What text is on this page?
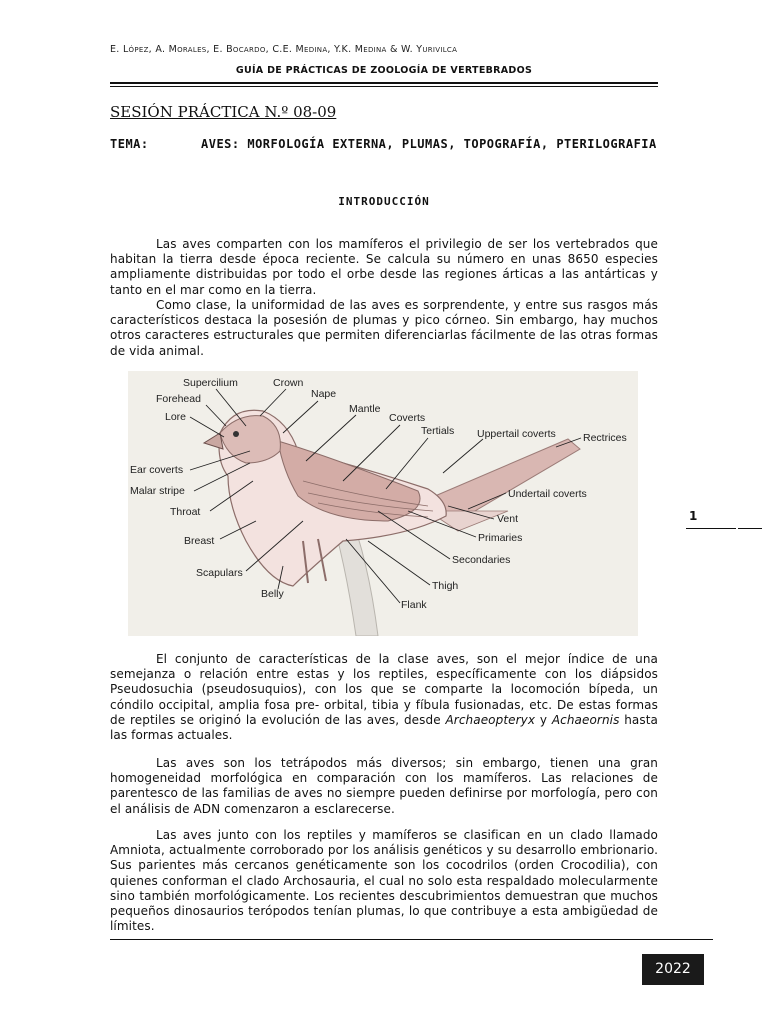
E. López, A. Morales, E. Bocardo, C.E. Medina, Y.K. Medina & W. Yurivilca
GUÍA DE PRÁCTICAS DE ZOOLOGÍA DE VERTEBRADOS
SESIÓN PRÁCTICA N.º 08-09
TEMA:	AVES: MORFOLOGÍA EXTERNA, PLUMAS, TOPOGRAFÍA, PTERILOGRAFIA
INTRODUCCIÓN

Las aves comparten con los mamíferos el privilegio de ser los vertebrados que habitan la tierra desde época reciente. Se calcula su número en unas 8650 especies ampliamente distribuidas por todo el orbe desde las regiones árticas a las antárticas y tanto en el mar como en la tierra.

Como clase, la uniformidad de las aves es sorprendente, y entre sus rasgos más característicos destaca la posesión de plumas y pico córneo. Sin embargo, hay muchos otros caracteres estructurales que permiten diferenciarlas fácilmente de las otras formas de vida animal.

Supercilium	Crown
Forehead	Nape
Lore
Mantle
Coverts
Tertials Uppertail coverts	Rectrices
Ear coverts
Malar stripe	Undertail coverts
Throat
Vent
Primaries
Breast
Secondaries
Scapulars
Thigh
Belly
Flank

El conjunto de características de la clase aves, son el mejor índice de una semejanza o relación entre estas y los reptiles, específicamente con los diápsidos Pseudosuchia (pseudosuquios), con los que se comparte la locomoción bípeda, un cóndilo occipital, amplia fosa pre- orbital, tibia y fíbula fusionadas, etc. De estas formas de reptiles se originó la evolución de las aves, desde Archaeopteryx y Achaeornis hasta las formas actuales.

Las aves son los tetrápodos más diversos; sin embargo, tienen una gran homogeneidad morfológica en comparación con los mamíferos. Las relaciones de parentesco de las familias de aves no siempre pueden definirse por morfología, pero con el análisis de ADN comenzaron a esclarecerse.

Las aves junto con los reptiles y mamíferos se clasifican en un clado llamado Amniota, actualmente corroborado por los análisis genéticos y su desarrollo embrionario. Sus parientes más cercanos genéticamente son los cocodrilos (orden Crocodilia), con quienes conforman el clado Archosauria, el cual no solo esta respaldado molecularmente sino también morfológicamente. Los recientes descubrimientos demuestran que muchos pequeños dinosaurios terópodos tenían plumas, lo que contribuye a esta ambigüedad de límites.

1
2022
